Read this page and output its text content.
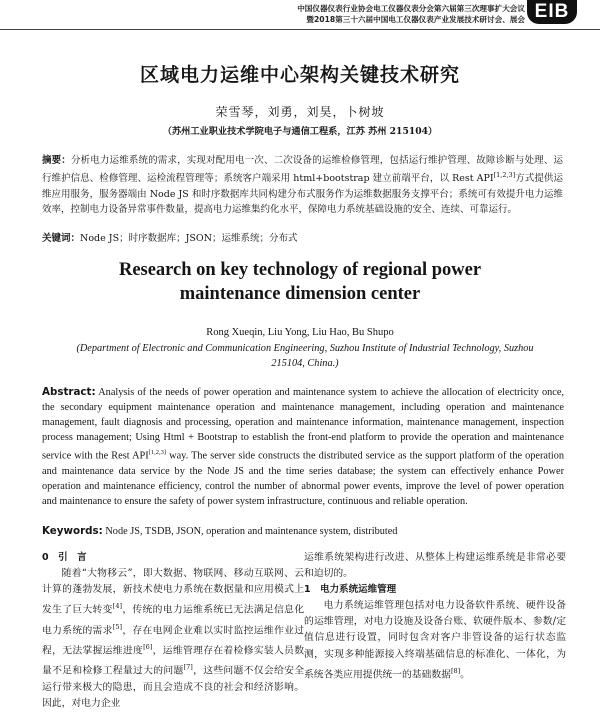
中国仪器仪表行业协会电工仪器仪表分会第六届第三次理事扩大会议
暨2018第三十六届中国电工仪器仪表产业发展技术研讨会、展会 EIB
区域电力运维中心架构关键技术研究
荣雪琴，刘勇，刘昊，卜树坡
（苏州工业职业技术学院电子与通信工程系，江苏 苏州 215104）
摘要：分析电力运维系统的需求，实现对配用电一次、二次设备的运维检修管理，包括运行维护管理、故障诊断与处理、运行维护信息、检修管理、运检流程管理等；系统客户端采用 html+bootstrap 建立前端平台，以 Rest API[1,2,3]方式提供运维应用服务，服务器端由 Node JS 和时序数据库共同构建分布式服务作为运维数据服务支撑平台；系统可有效提升电力运维效率，控制电力设备异常事件数量，提高电力运维集约化水平，保障电力系统基础设施的安全、连续、可靠运行。
关键词：Node JS；时序数据库；JSON；运维系统；分布式
Research on key technology of regional power
maintenance dimension center
Rong Xueqin, Liu Yong, Liu Hao, Bu Shupo
(Department of Electronic and Communication Engineering, Suzhou Institute of Industrial Technology, Suzhou 215104, China.)
Abstract: Analysis of the needs of power operation and maintenance system to achieve the allocation of electricity once, the secondary equipment maintenance operation and maintenance management, including operation and maintenance management, fault diagnosis and processing, operation and maintenance information, maintenance management, inspection process management; Using Html + Bootstrap to establish the front-end platform to provide the operation and maintenance service with the Rest API[1,2,3] way. The server side constructs the distributed service as the support platform of the operation and maintenance data service by the Node JS and the time series database; the system can effectively enhance Power operation and maintenance efficiency, control the number of abnormal power events, improve the level of power operation and maintenance to ensure the safety of power system infrastructure, continuous and reliable operation.
Keywords: Node JS, TSDB, JSON, operation and maintenance system, distributed

0　引　言

随着“大物移云”，即大数据、物联网、移动互联网、云计算的蓬勃发展，新技术使电力系统在数据量和应用模式上发生了巨大转变[4]，传统的电力运维系统已无法满足信息化电力系统的需求[5]，存在电网企业难以实时监控运维作业过程，无法掌握运维进度[6]，运维管理存在着检修实装人员数量不足和检修工程量过大的问题[7]，这些问题不仅会给安全运行带来极大的隐患，而且会造成不良的社会和经济影响。因此，对电力企业

运维系统架构进行改进、从整体上构建运维系统是非常必要和迫切的。

1　电力系统运维管理

电力系统运维管理包括对电力设备软件系统、硬件设备的运维管理，对电力设施及设备台账、软硬件版本、参数/定值信息进行设置，同时包含对客户非管设备的运行状态监测，实现多种能源接入终端基础信息的标准化、一体化，为系统各类应用提供统一的基础数据[8]。
